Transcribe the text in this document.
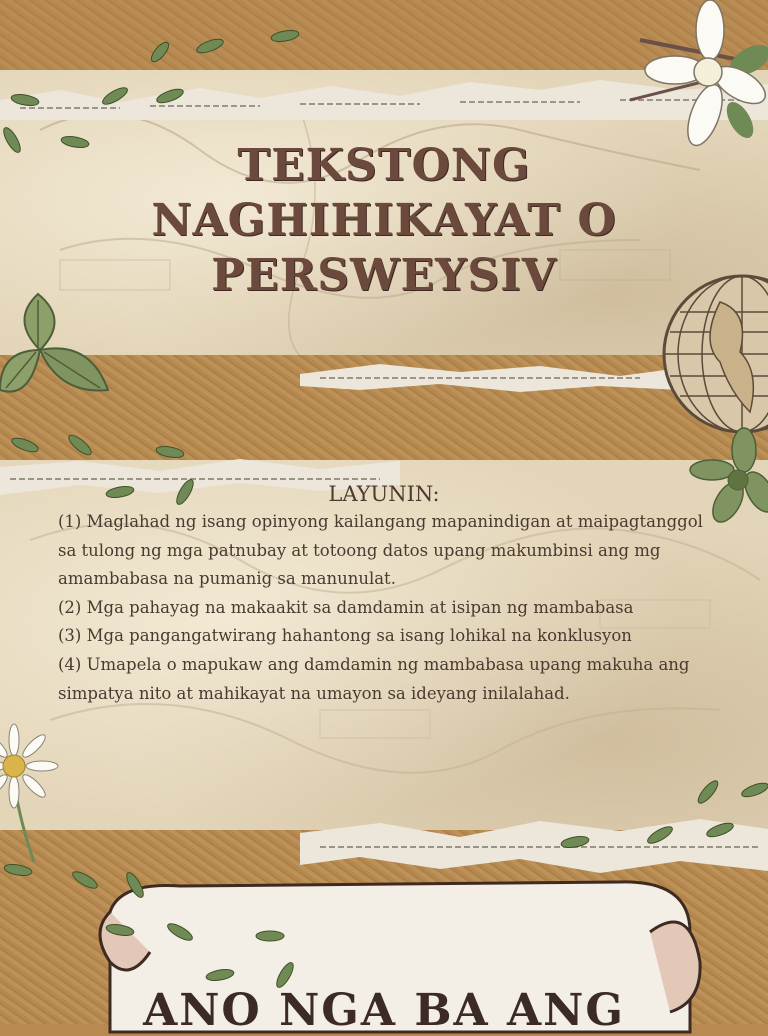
TEKSTONG
NAGHIHIKAYAT O
PERSWEYSIV
LAYUNIN:
(1) Maglahad ng isang opinyong kailangang mapanindigan at maipagtanggol sa tulong ng mga patnubay at totoong datos upang makumbinsi ang mg amambabasa na pumanig sa manunulat.
(2) Mga pahayag na makaakit sa damdamin at isipan ng mambabasa
(3) Mga pangangatwirang hahantong sa isang lohikal na konklusyon
(4) Umapela o mapukaw ang damdamin ng mambabasa upang makuha ang simpatya nito at mahikayat na umayon sa ideyang inilalahad.
ANO NGA BA ANG
